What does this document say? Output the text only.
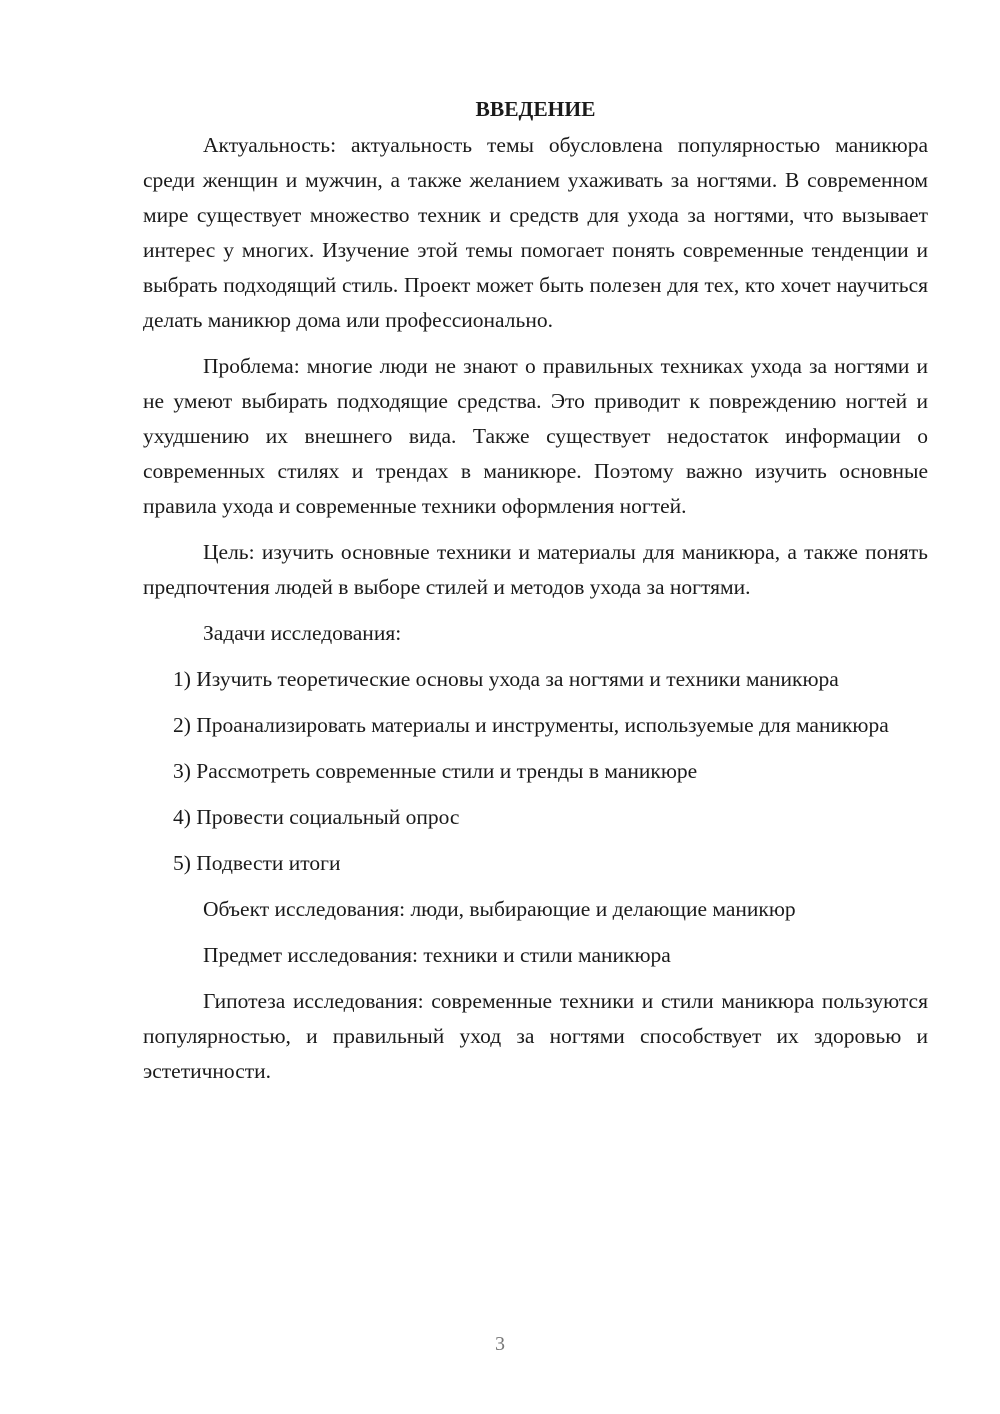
ВВЕДЕНИЕ

Актуальность: актуальность темы обусловлена популярностью маникюра среди женщин и мужчин, а также желанием ухаживать за ногтями. В современном мире существует множество техник и средств для ухода за ногтями, что вызывает интерес у многих. Изучение этой темы помогает понять современные тенденции и выбрать подходящий стиль. Проект может быть полезен для тех, кто хочет научиться делать маникюр дома или профессионально.

Проблема: многие люди не знают о правильных техниках ухода за ногтями и не умеют выбирать подходящие средства. Это приводит к повреждению ногтей и ухудшению их внешнего вида. Также существует недостаток информации о современных стилях и трендах в маникюре. Поэтому важно изучить основные правила ухода и современные техники оформления ногтей.

Цель: изучить основные техники и материалы для маникюра, а также понять предпочтения людей в выборе стилей и методов ухода за ногтями.

Задачи исследования:

1) Изучить теоретические основы ухода за ногтями и техники маникюра

2) Проанализировать материалы и инструменты, используемые для маникюра

3) Рассмотреть современные стили и тренды в маникюре

4) Провести социальный опрос

5) Подвести итоги

Объект исследования: люди, выбирающие и делающие маникюр

Предмет исследования: техники и стили маникюра

Гипотеза исследования: современные техники и стили маникюра пользуются популярностью, и правильный уход за ногтями способствует их здоровью и эстетичности.

3
